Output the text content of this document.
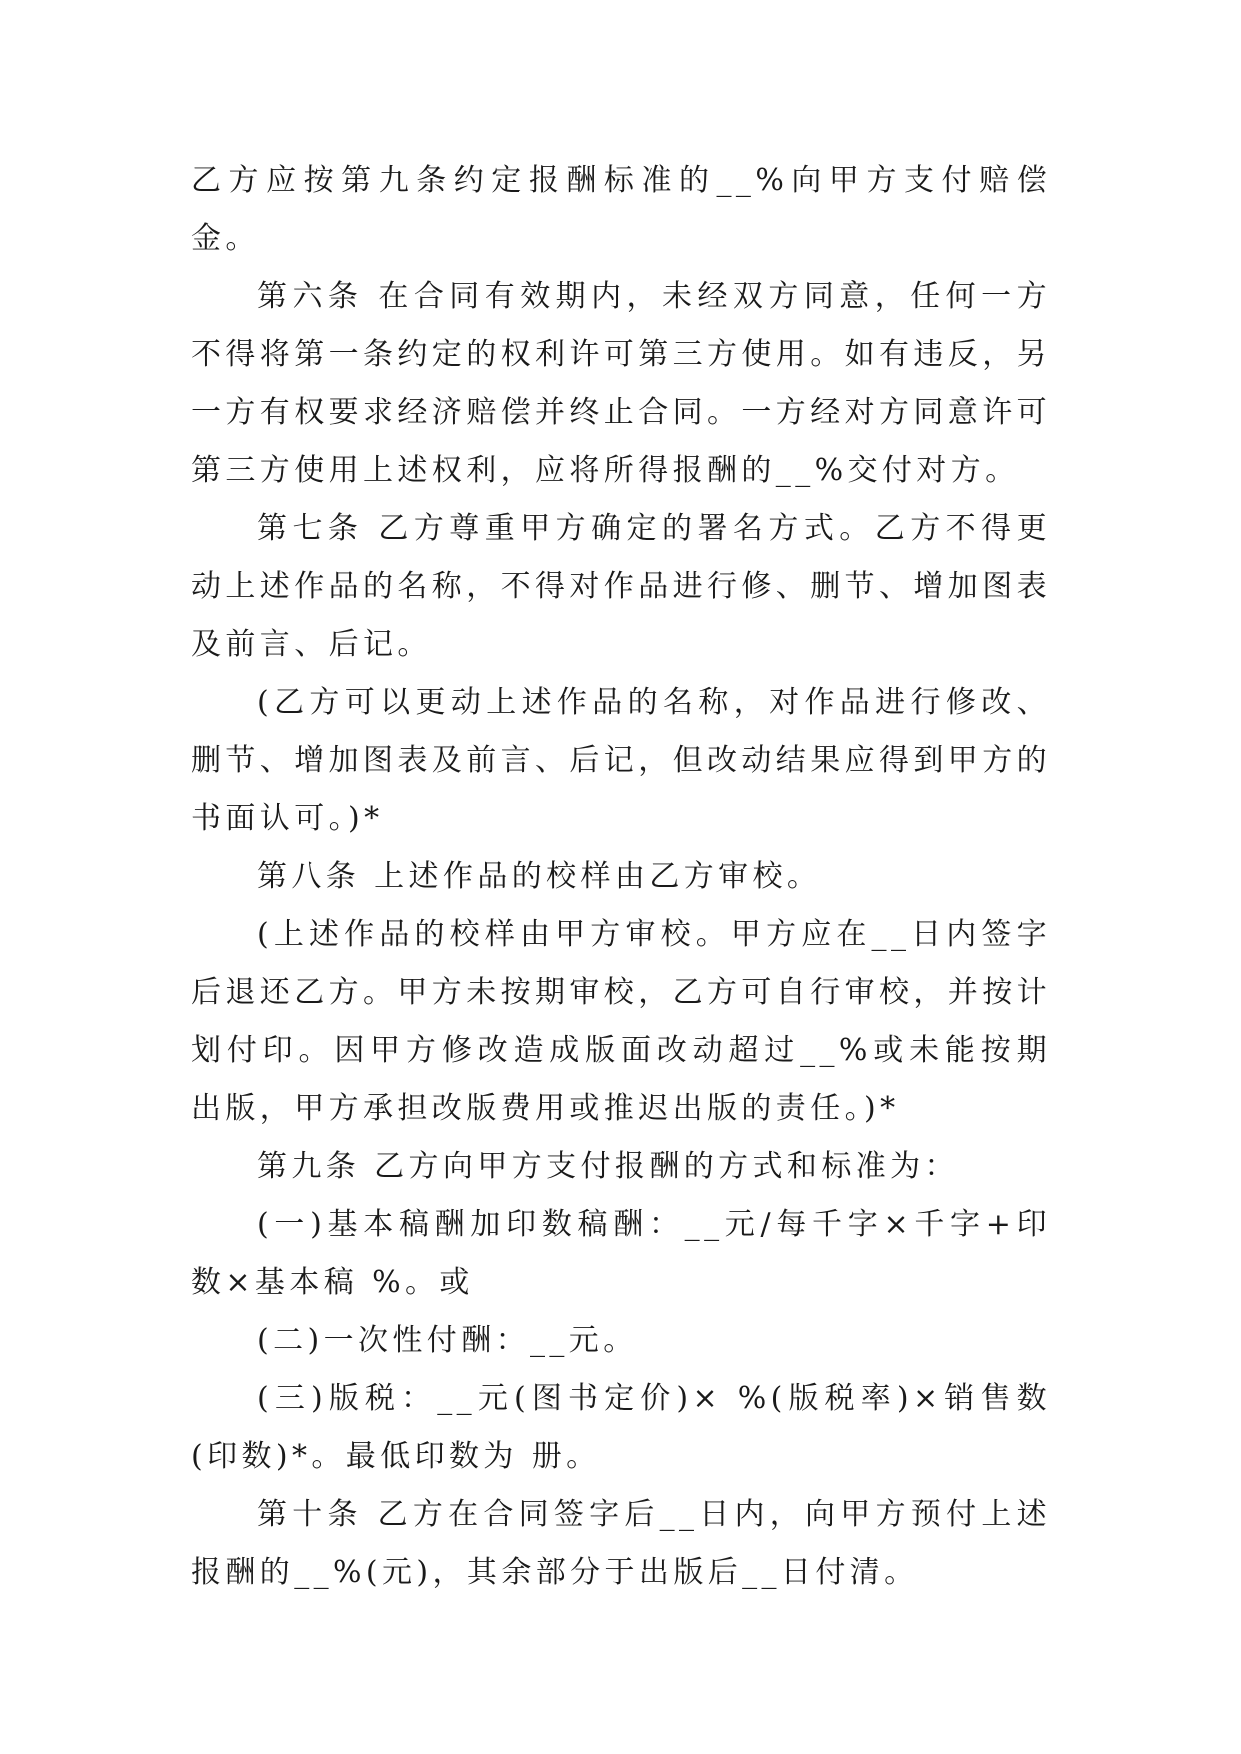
乙方应按第九条约定报酬标准的__%向甲方支付赔偿金。

第六条 在合同有效期内，未经双方同意，任何一方不得将第一条约定的权利许可第三方使用。如有违反，另一方有权要求经济赔偿并终止合同。一方经对方同意许可第三方使用上述权利，应将所得报酬的__%交付对方。

第七条 乙方尊重甲方确定的署名方式。乙方不得更动上述作品的名称，不得对作品进行修、删节、增加图表及前言、后记。

(乙方可以更动上述作品的名称，对作品进行修改、删节、增加图表及前言、后记，但改动结果应得到甲方的书面认可。)*

第八条 上述作品的校样由乙方审校。

(上述作品的校样由甲方审校。甲方应在__日内签字后退还乙方。甲方未按期审校，乙方可自行审校，并按计划付印。因甲方修改造成版面改动超过__%或未能按期出版，甲方承担改版费用或推迟出版的责任。)*

第九条 乙方向甲方支付报酬的方式和标准为：

(一)基本稿酬加印数稿酬：__元/每千字×千字+印数×基本稿 %。或

(二)一次性付酬：__元。

(三)版税：__元(图书定价)× %(版税率)×销售数(印数)*。最低印数为 册。

第十条 乙方在合同签字后__日内，向甲方预付上述报酬的__%(元)，其余部分于出版后__日付清。
